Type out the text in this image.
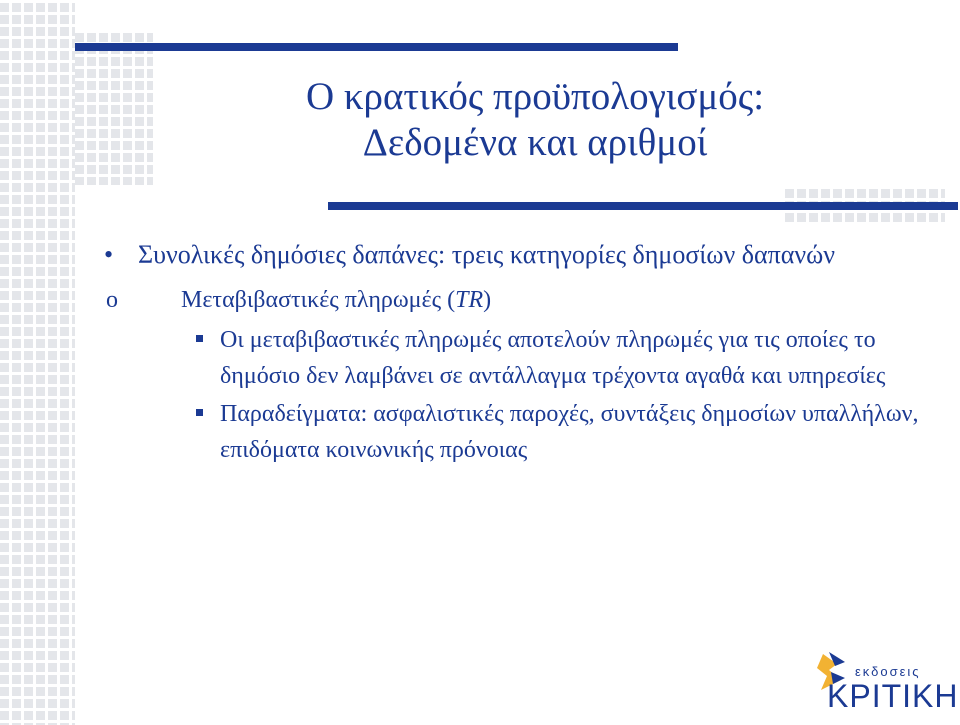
Ο κρατικός προϋπολογισμός:
Δεδομένα και αριθμοί
• Συνολικές δημόσιες δαπάνες: τρεις κατηγορίες δημοσίων δαπανών
o	Μεταβιβαστικές πληρωμές (TR)
Οι μεταβιβαστικές πληρωμές αποτελούν πληρωμές για τις οποίες το δημόσιο δεν λαμβάνει σε αντάλλαγμα τρέχοντα αγαθά και υπηρεσίες
Παραδείγματα: ασφαλιστικές παροχές, συντάξεις δημοσίων υπαλλήλων, επιδόματα κοινωνικής πρόνοιας
εκδοσεις
ΚΡΙΤΙΚΗ
